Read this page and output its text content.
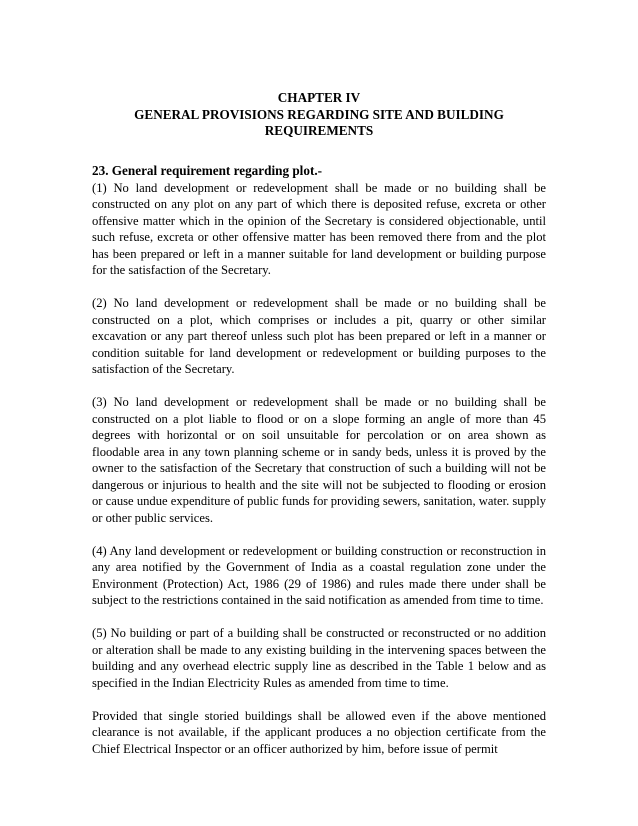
CHAPTER IV
GENERAL PROVISIONS REGARDING SITE AND BUILDING
REQUIREMENTS

23. General requirement regarding plot.-

(1) No land development or redevelopment shall be made or no building shall be constructed on any plot on any part of which there is deposited refuse, excreta or other offensive matter which in the opinion of the Secretary is considered objectionable, until such refuse, excreta or other offensive matter has been removed there from and the plot has been prepared or left in a manner suitable for land development or building purpose for the satisfaction of the Secretary.

(2) No land development or redevelopment shall be made or no building shall be constructed on a plot, which comprises or includes a pit, quarry or other similar excavation or any part thereof unless such plot has been prepared or left in a manner or condition suitable for land development or redevelopment or building purposes to the satisfaction of the Secretary.

(3) No land development or redevelopment shall be made or no building shall be constructed on a plot liable to flood or on a slope forming an angle of more than 45 degrees with horizontal or on soil unsuitable for percolation or on area shown as floodable area in any town planning scheme or in sandy beds, unless it is proved by the owner to the satisfaction of the Secretary that construction of such a building will not be dangerous or injurious to health and the site will not be subjected to flooding or erosion or cause undue expenditure of public funds for providing sewers, sanitation, water. supply or other public services.

(4) Any land development or redevelopment or building construction or reconstruction in any area notified by the Government of India as a coastal regulation zone under the Environment (Protection) Act, 1986 (29 of 1986) and rules made there under shall be subject to the restrictions contained in the said notification as amended from time to time.

(5) No building or part of a building shall be constructed or reconstructed or no addition or alteration shall be made to any existing building in the intervening spaces between the building and any overhead electric supply line as described in the Table 1 below and as specified in the Indian Electricity Rules as amended from time to time.

Provided that single storied buildings shall be allowed even if the above mentioned clearance is not available, if the applicant produces a no objection certificate from the Chief Electrical Inspector or an officer authorized by him, before issue of permit
